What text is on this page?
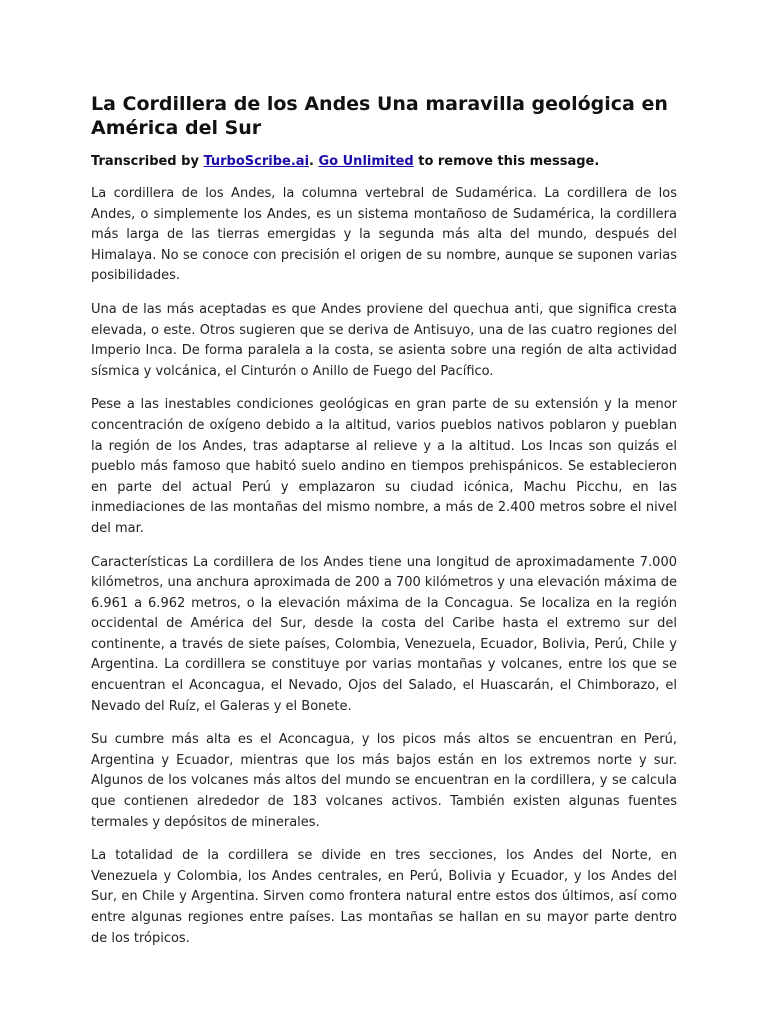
La Cordillera de los Andes Una maravilla geológica en América del Sur

Transcribed by TurboScribe.ai. Go Unlimited to remove this message.

La cordillera de los Andes, la columna vertebral de Sudamérica. La cordillera de los Andes, o simplemente los Andes, es un sistema montañoso de Sudamérica, la cordillera más larga de las tierras emergidas y la segunda más alta del mundo, después del Himalaya. No se conoce con precisión el origen de su nombre, aunque se suponen varias posibilidades.

Una de las más aceptadas es que Andes proviene del quechua anti, que significa cresta elevada, o este. Otros sugieren que se deriva de Antisuyo, una de las cuatro regiones del Imperio Inca. De forma paralela a la costa, se asienta sobre una región de alta actividad sísmica y volcánica, el Cinturón o Anillo de Fuego del Pacífico.

Pese a las inestables condiciones geológicas en gran parte de su extensión y la menor concentración de oxígeno debido a la altitud, varios pueblos nativos poblaron y pueblan la región de los Andes, tras adaptarse al relieve y a la altitud. Los Incas son quizás el pueblo más famoso que habitó suelo andino en tiempos prehispánicos. Se establecieron en parte del actual Perú y emplazaron su ciudad icónica, Machu Picchu, en las inmediaciones de las montañas del mismo nombre, a más de 2.400 metros sobre el nivel del mar.

Características La cordillera de los Andes tiene una longitud de aproximadamente 7.000 kilómetros, una anchura aproximada de 200 a 700 kilómetros y una elevación máxima de 6.961 a 6.962 metros, o la elevación máxima de la Concagua. Se localiza en la región occidental de América del Sur, desde la costa del Caribe hasta el extremo sur del continente, a través de siete países, Colombia, Venezuela, Ecuador, Bolivia, Perú, Chile y Argentina. La cordillera se constituye por varias montañas y volcanes, entre los que se encuentran el Aconcagua, el Nevado, Ojos del Salado, el Huascarán, el Chimborazo, el Nevado del Ruíz, el Galeras y el Bonete.

Su cumbre más alta es el Aconcagua, y los picos más altos se encuentran en Perú, Argentina y Ecuador, mientras que los más bajos están en los extremos norte y sur. Algunos de los volcanes más altos del mundo se encuentran en la cordillera, y se calcula que contienen alrededor de 183 volcanes activos. También existen algunas fuentes termales y depósitos de minerales.

La totalidad de la cordillera se divide en tres secciones, los Andes del Norte, en Venezuela y Colombia, los Andes centrales, en Perú, Bolivia y Ecuador, y los Andes del Sur, en Chile y Argentina. Sirven como frontera natural entre estos dos últimos, así como entre algunas regiones entre países. Las montañas se hallan en su mayor parte dentro de los trópicos.
